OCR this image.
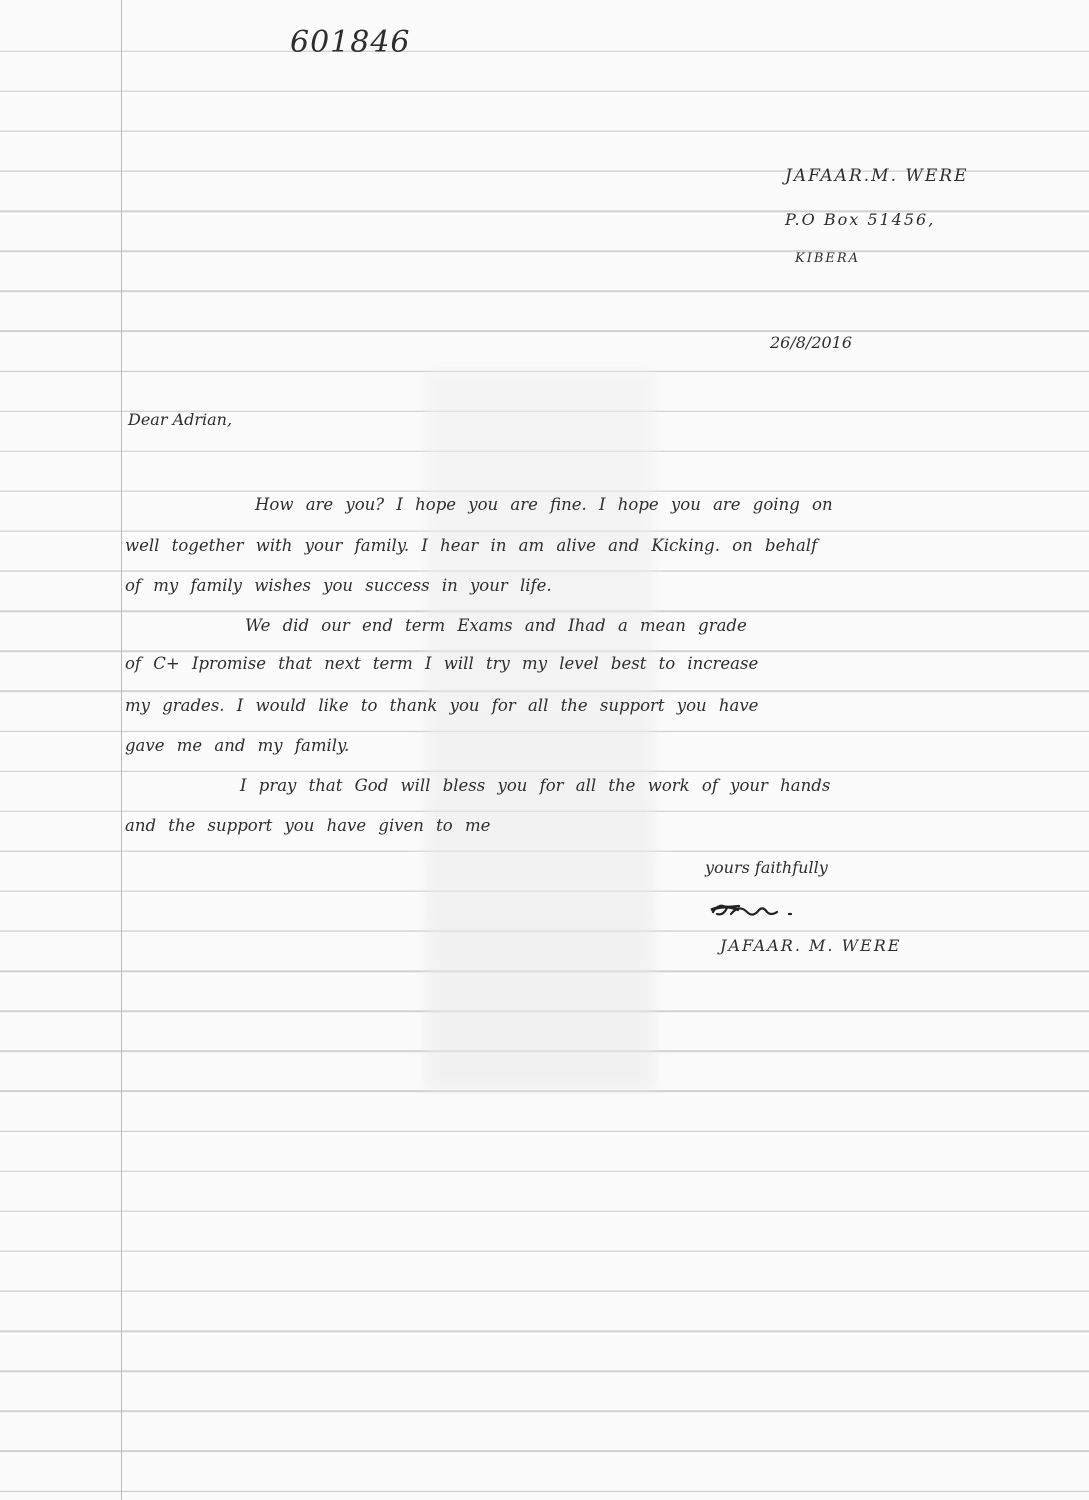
601846
JAFAAR.M. WERE
P.O Box 51456,
KIBERA
26/8/2016
Dear Adrian,
How are you? I hope you are fine. I hope you are going on
well together with your family. I hear in am alive and Kicking. on behalf
of my family wishes you success in your life.
We did our end term Exams and Ihad a mean grade
of C+ Ipromise that next term I will try my level best to increase
my grades. I would like to thank you for all the support you have
gave me and my family.
I pray that God will bless you for all the work of your hands
and the support you have given to me
yours faithfully
JAFAAR. M. WERE
